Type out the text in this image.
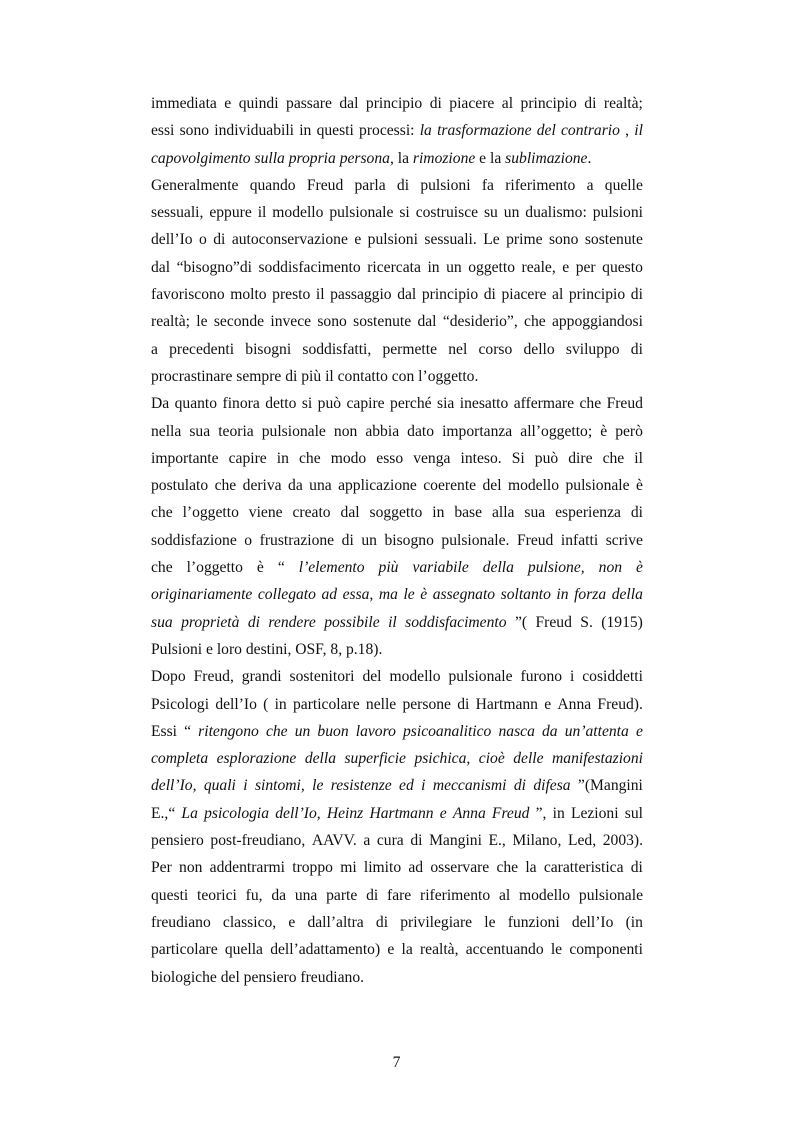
immediata e quindi passare dal principio di piacere al principio di realtà;
essi sono individuabili in questi processi: la trasformazione del contrario , il
capovolgimento sulla propria persona , la rimozione e la sublimazione .
Generalmente quando Freud parla di pulsioni fa riferimento a quelle
sessuali, eppure il modello pulsionale si costruisce su un dualismo: pulsioni
dell’Io o di autoconservazione e pulsioni sessuali. Le prime sono sostenute
dal “bisogno”di soddisfacimento ricercata in un oggetto reale, e per questo
favoriscono molto presto il passaggio dal principio di piacere al principio di
realtà; le seconde invece sono sostenute dal “desiderio”, che appoggiandosi
a precedenti bisogni soddisfatti, permette nel corso dello sviluppo di
procrastinare sempre di più il contatto con l’oggetto.
Da quanto finora detto si può capire perché sia inesatto affermare che Freud
nella sua teoria pulsionale non abbia dato importanza all’oggetto; è però
importante capire in che modo esso venga inteso. Si può dire che il
postulato che deriva da una applicazione coerente del modello pulsionale è
che l’oggetto viene creato dal soggetto in base alla sua esperienza di
soddisfazione o frustrazione di un bisogno pulsionale. Freud infatti scrive
che l’oggetto è “ l’elemento più variabile della pulsione, non è
originariamente collegato ad essa, ma le è assegnato soltanto in forza della
sua proprietà di rendere possibile il soddisfacimento ”( Freud S. (1915)
Pulsioni e loro destini, OSF, 8, p.18).
Dopo Freud, grandi sostenitori del modello pulsionale furono i cosiddetti
Psicologi dell’Io ( in particolare nelle persone di Hartmann e Anna Freud).
Essi “ ritengono che un buon lavoro psicoanalitico nasca da un’attenta e
completa esplorazione della superficie psichica, cioè delle manifestazioni
dell’Io, quali i sintomi, le resistenze ed i meccanismi di difesa ”(Mangini
E.,“ La psicologia dell’Io, Heinz Hartmann e Anna Freud ”, in Lezioni sul
pensiero post-freudiano, AAVV. a cura di Mangini E., Milano, Led, 2003).
Per non addentrarmi troppo mi limito ad osservare che la caratteristica di
questi teorici fu, da una parte di fare riferimento al modello pulsionale
freudiano classico, e dall’altra di privilegiare le funzioni dell’Io (in
particolare quella dell’adattamento) e la realtà, accentuando le componenti
biologiche del pensiero freudiano.
7
